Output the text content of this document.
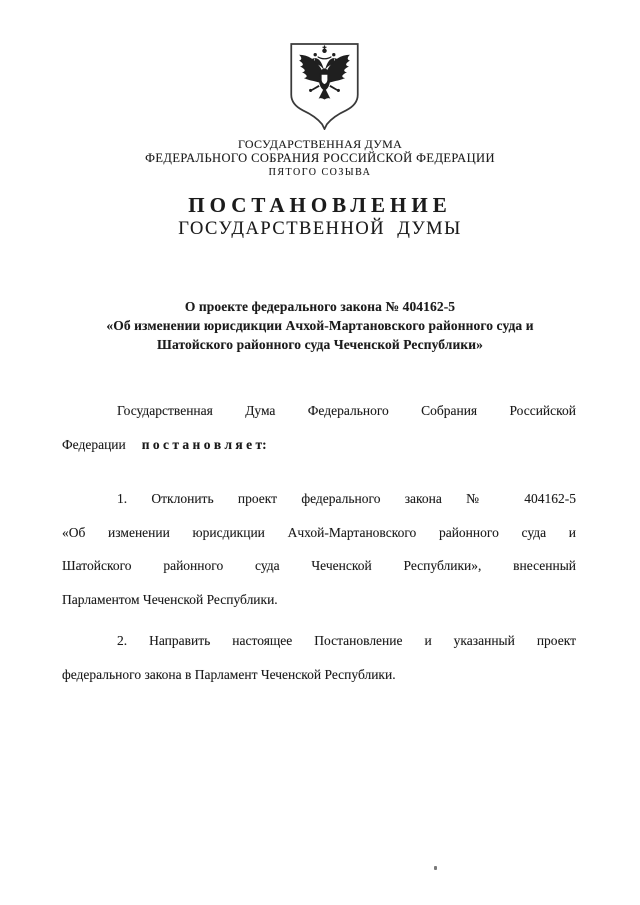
ГОСУДАРСТВЕННАЯ ДУМА
ФЕДЕРАЛЬНОГО СОБРАНИЯ РОССИЙСКОЙ ФЕДЕРАЦИИ
ПЯТОГО СОЗЫВА
ПОСТАНОВЛЕНИЕ
ГОСУДАРСТВЕННОЙ ДУМЫ
О проекте федерального закона № 404162-5
«Об изменении юрисдикции Ачхой-Мартановского районного суда и
Шатойского районного суда Чеченской Республики»
Государственная Дума Федерального Собрания Российской
Федерации п о с т а н о в л я е т:
1. Отклонить проект федерального закона № 404162-5
«Об изменении юрисдикции Ачхой-Мартановского районного суда и
Шатойского районного суда Чеченской Республики», внесенный
Парламентом Чеченской Республики.
2. Направить настоящее Постановление и указанный проект
федерального закона в Парламент Чеченской Республики.
